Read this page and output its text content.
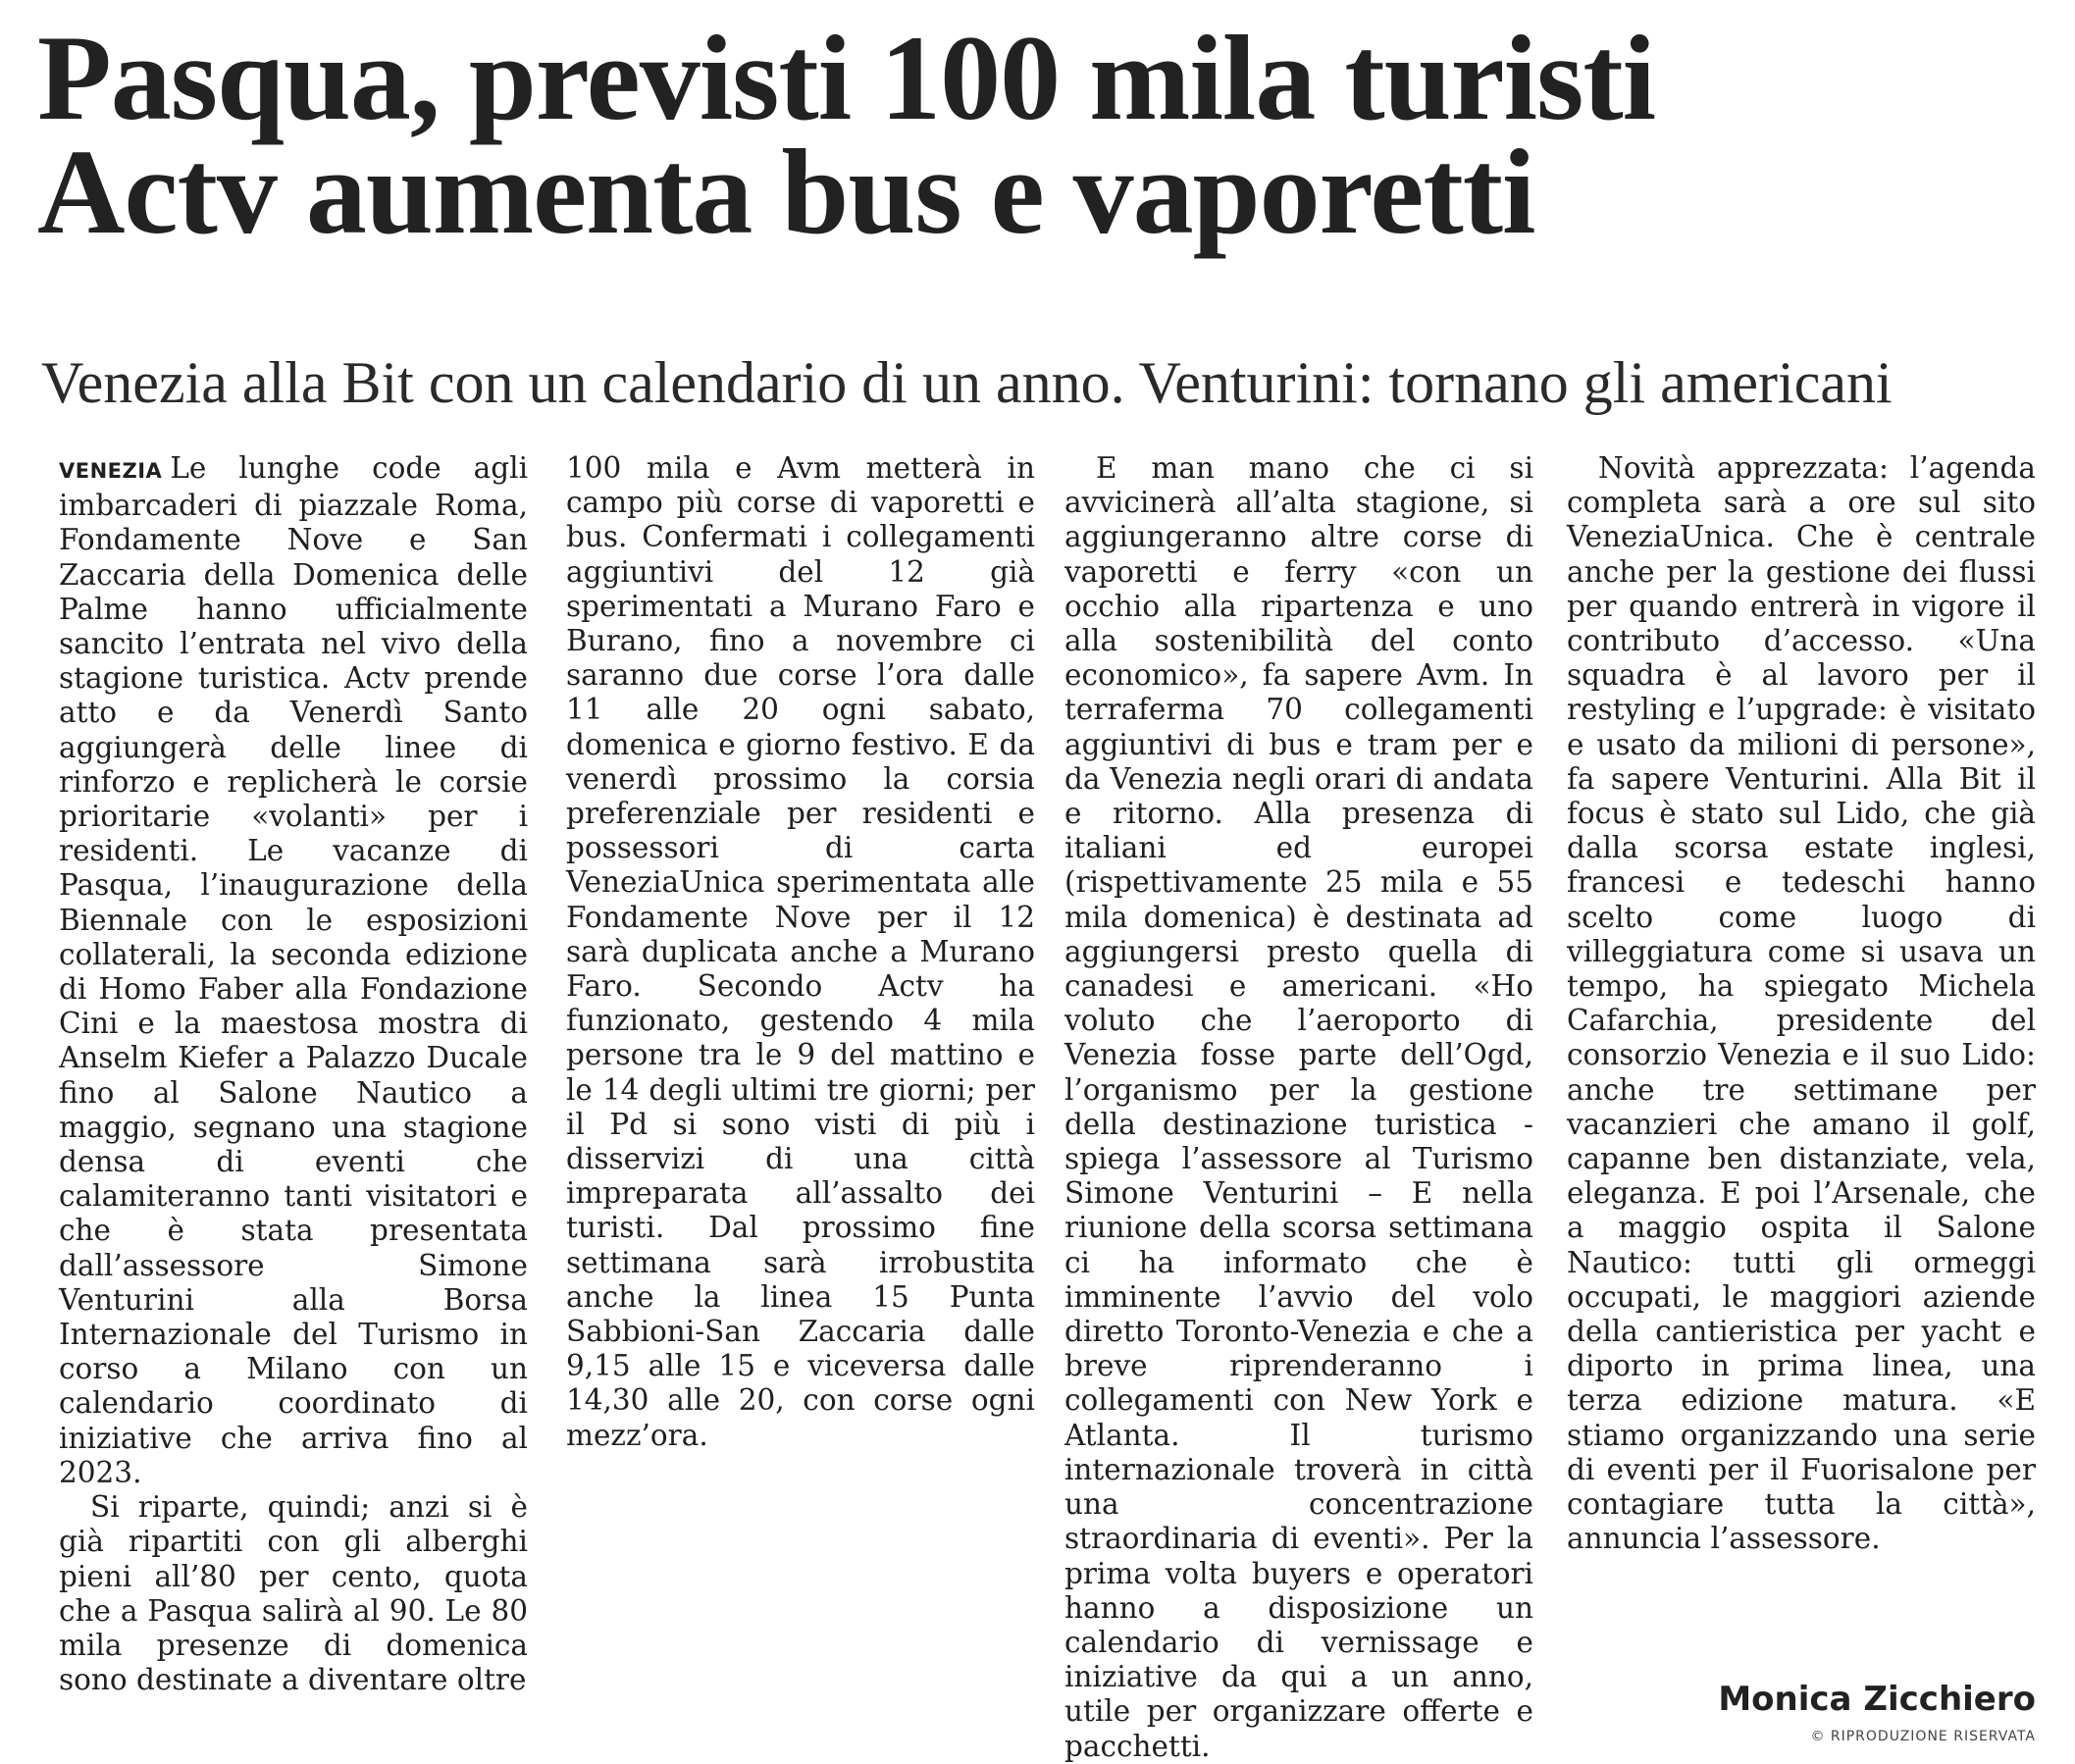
Pasqua, previsti 100 mila turisti
Actv aumenta bus e vaporetti
Venezia alla Bit con un calendario di un anno. Venturini: tornano gli americani

VENEZIA Le lunghe code agli imbarcaderi di piazzale Roma, Fondamente Nove e San Zaccaria della Domenica delle Palme hanno ufficialmente sancito l’entrata nel vivo della stagione turistica. Actv prende atto e da Venerdì Santo aggiungerà delle linee di rinforzo e replicherà le corsie prioritarie «volanti» per i residenti. Le vacanze di Pasqua, l’inaugurazione della Biennale con le esposizioni collaterali, la seconda edizione di Homo Faber alla Fondazione Cini e la maestosa mostra di Anselm Kiefer a Palazzo Ducale fino al Salone Nautico a maggio, segnano una stagione densa di eventi che calamiteranno tanti visitatori e che è stata presentata dall’assessore Simone Venturini alla Borsa Internazionale del Turismo in corso a Milano con un calendario coordinato di iniziative che arriva fino al 2023.

Si riparte, quindi; anzi si è già ripartiti con gli alberghi pieni all’80 per cento, quota che a Pasqua salirà al 90. Le 80 mila presenze di domenica sono destinate a diventare oltre

100 mila e Avm metterà in campo più corse di vaporetti e bus. Confermati i collegamenti aggiuntivi del 12 già sperimentati a Murano Faro e Burano, fino a novembre ci saranno due corse l’ora dalle 11 alle 20 ogni sabato, domenica e giorno festivo. E da venerdì prossimo la corsia preferenziale per residenti e possessori di carta VeneziaUnica sperimentata alle Fondamente Nove per il 12 sarà duplicata anche a Murano Faro. Secondo Actv ha funzionato, gestendo 4 mila persone tra le 9 del mattino e le 14 degli ultimi tre giorni; per il Pd si sono visti di più i disservizi di una città impreparata all’assalto dei turisti. Dal prossimo fine settimana sarà irrobustita anche la linea 15 Punta Sabbioni-San Zaccaria dalle 9,15 alle 15 e viceversa dalle 14,30 alle 20, con corse ogni mezz’ora.

E man mano che ci si avvicinerà all’alta stagione, si aggiungeranno altre corse di vaporetti e ferry «con un occhio alla ripartenza e uno alla sostenibilità del conto economico», fa sapere Avm. In terraferma 70 collegamenti aggiuntivi di bus e tram per e da Venezia negli orari di andata e ritorno. Alla presenza di italiani ed europei (rispettivamente 25 mila e 55 mila domenica) è destinata ad aggiungersi presto quella di canadesi e americani. «Ho voluto che l’aeroporto di Venezia fosse parte dell’Ogd, l’organismo per la gestione della destinazione turistica - spiega l’assessore al Turismo Simone Venturini – E nella riunione della scorsa settimana ci ha informato che è imminente l’avvio del volo diretto Toronto-Venezia e che a breve riprenderanno i collegamenti con New York e Atlanta. Il turismo internazionale troverà in città una concentrazione straordinaria di eventi». Per la prima volta buyers e operatori hanno a disposizione un calendario di vernissage e iniziative da qui a un anno, utile per organizzare offerte e pacchetti.

Novità apprezzata: l’agenda completa sarà a ore sul sito VeneziaUnica. Che è centrale anche per la gestione dei flussi per quando entrerà in vigore il contributo d’accesso. «Una squadra è al lavoro per il restyling e l’upgrade: è visitato e usato da milioni di persone», fa sapere Venturini. Alla Bit il focus è stato sul Lido, che già dalla scorsa estate inglesi, francesi e tedeschi hanno scelto come luogo di villeggiatura come si usava un tempo, ha spiegato Michela Cafarchia, presidente del consorzio Venezia e il suo Lido: anche tre settimane per vacanzieri che amano il golf, capanne ben distanziate, vela, eleganza. E poi l’Arsenale, che a maggio ospita il Salone Nautico: tutti gli ormeggi occupati, le maggiori aziende della cantieristica per yacht e diporto in prima linea, una terza edizione matura. «E stiamo organizzando una serie di eventi per il Fuorisalone per contagiare tutta la città», annuncia l’assessore.

Monica Zicchiero
© RIPRODUZIONE RISERVATA
